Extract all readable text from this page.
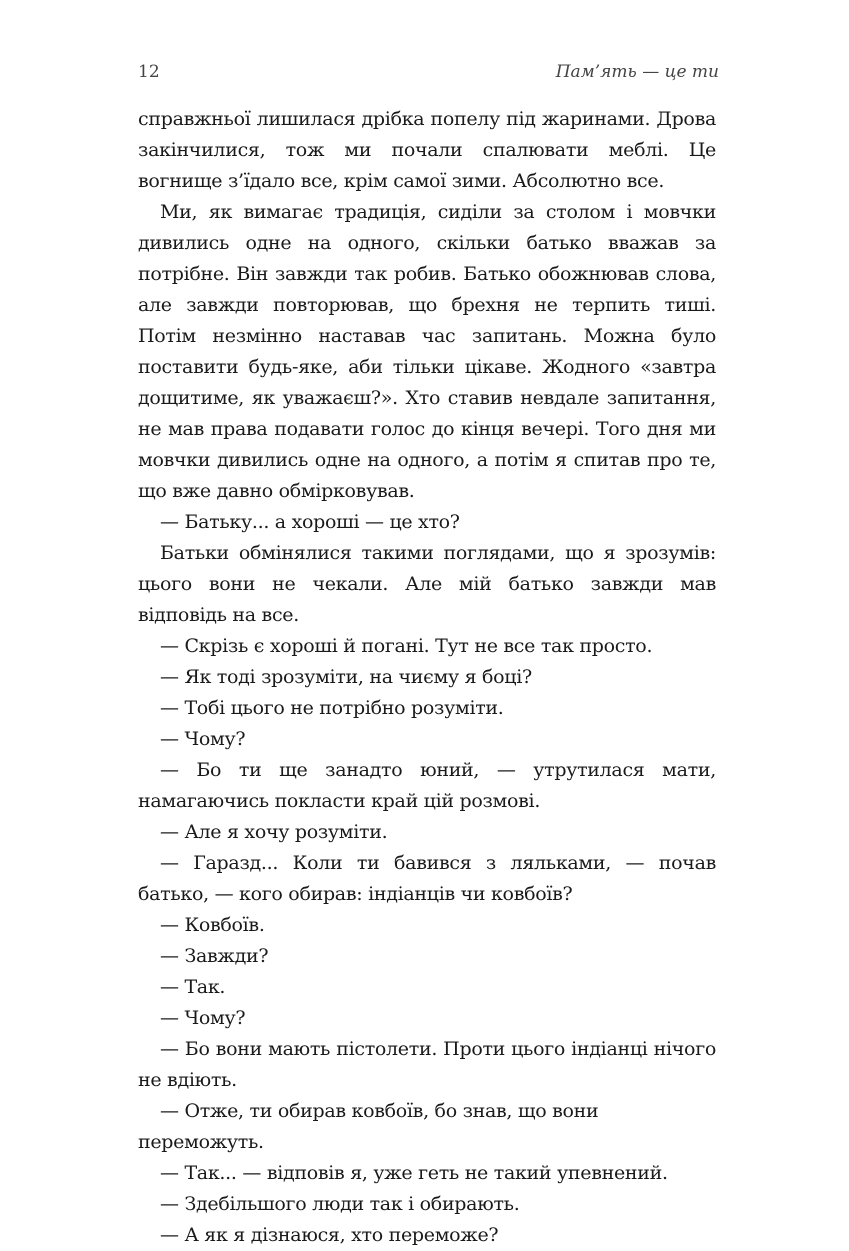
12	Пам’ять — це ти

справжньої лишилася дрібка попелу під жаринами. Дрова закінчилися, тож ми почали спалювати меблі. Це вогнище з’їдало все, крім самої зими. Абсолютно все.

Ми, як вимагає традиція, сиділи за столом і мовчки дивились одне на одного, скільки батько вважав за потрібне. Він завжди так робив. Батько обожнював слова, але завжди повторював, що брехня не терпить тиші. Потім незмінно наставав час запитань. Можна було поставити будь-яке, аби тільки цікаве. Жодного «завтра дощитиме, як уважаєш?». Хто ставив невдале запитання, не мав права подавати голос до кінця вечері. Того дня ми мовчки дивились одне на одного, а потім я спитав про те, що вже давно обмірковував.

— Батьку... а хороші — це хто?

Батьки обмінялися такими поглядами, що я зрозумів: цього вони не чекали. Але мій батько завжди мав відповідь на все.

— Скрізь є хороші й погані. Тут не все так просто.

— Як тоді зрозуміти, на чиєму я боці?

— Тобі цього не потрібно розуміти.

— Чому?

— Бо ти ще занадто юний, — утрутилася мати, намагаючись покласти край цій розмові.

— Але я хочу розуміти.

— Гаразд... Коли ти бавився з ляльками, — почав батько, — кого обирав: індіанців чи ковбоїв?

— Ковбоїв.

— Завжди?

— Так.

— Чому?

— Бо вони мають пістолети. Проти цього індіанці нічого не вдіють.

— Отже, ти обирав ковбоїв, бо знав, що вони переможуть.

— Так... — відповів я, уже геть не такий упевнений.

— Здебільшого люди так і обирають.

— А як я дізнаюся, хто переможе?
